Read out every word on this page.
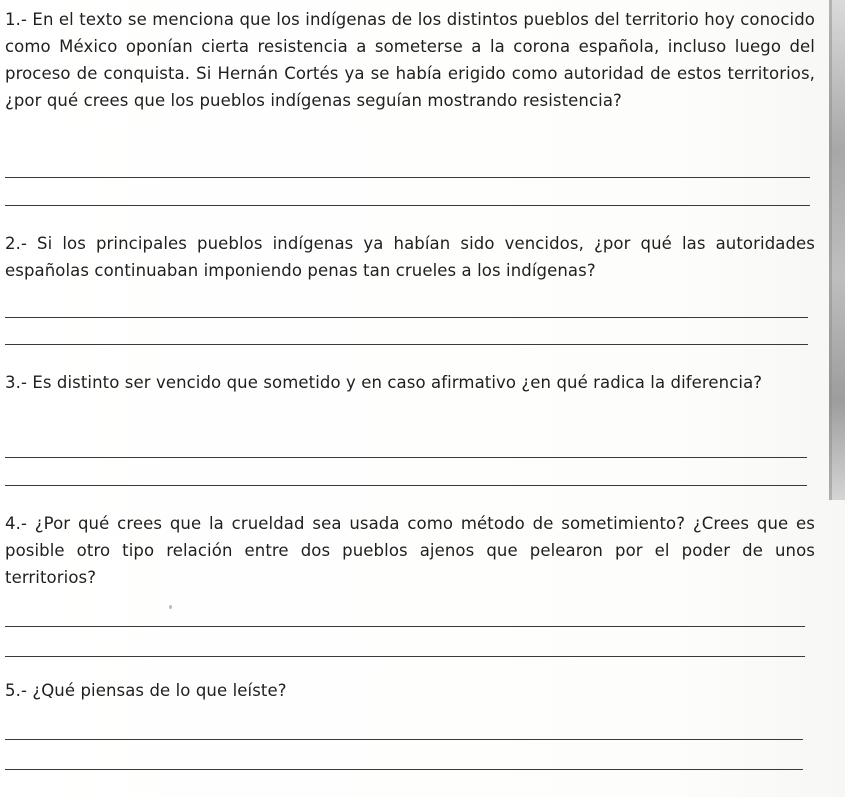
1.- En el texto se menciona que los indígenas de los distintos pueblos del territorio hoy conocido como México oponían cierta resistencia a someterse a la corona española, incluso luego del proceso de conquista. Si Hernán Cortés ya se había erigido como autoridad de estos territorios, ¿por qué crees que los pueblos indígenas seguían mostrando resistencia?

2.- Si los principales pueblos indígenas ya habían sido vencidos, ¿por qué las autoridades españolas continuaban imponiendo penas tan crueles a los indígenas?

3.- Es distinto ser vencido que sometido y en caso afirmativo ¿en qué radica la diferencia?

4.- ¿Por qué crees que la crueldad sea usada como método de sometimiento? ¿Crees que es posible otro tipo relación entre dos pueblos ajenos que pelearon por el poder de unos territorios?

5.- ¿Qué piensas de lo que leíste?
